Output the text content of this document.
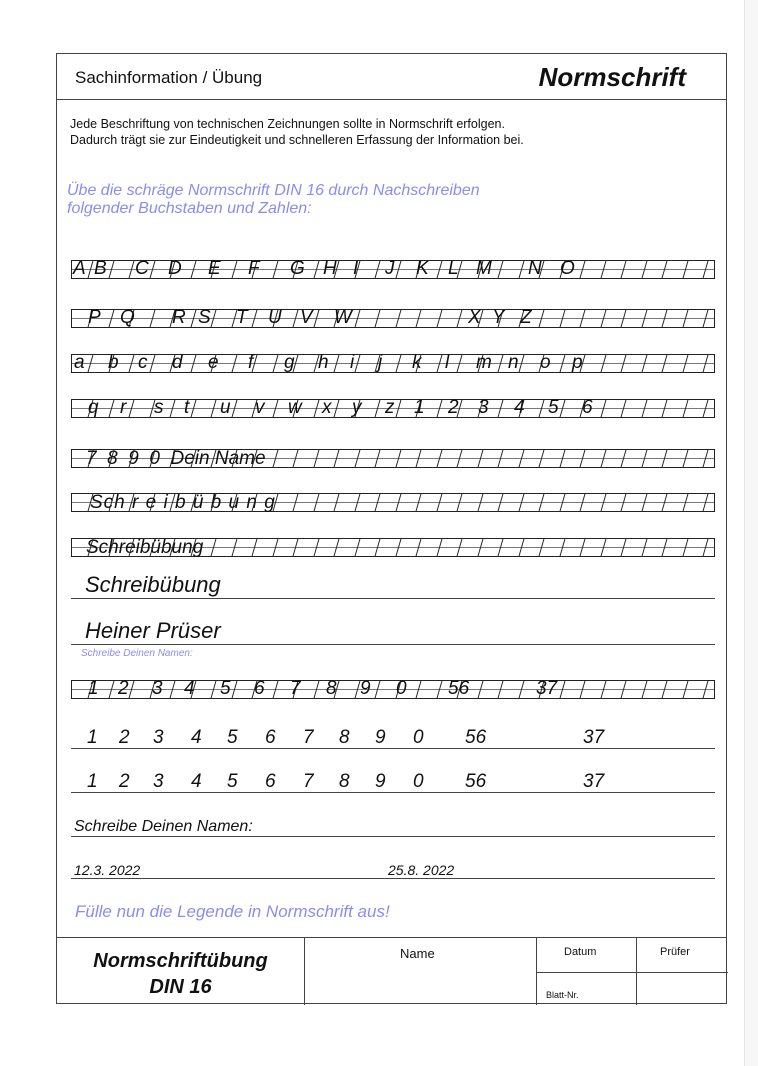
Sachinformation / Übung	Normschrift
Jede Beschriftung von technischen Zeichnungen sollte in Normschrift erfolgen.
Dadurch trägt sie zur Eindeutigkeit und schnelleren Erfassung der Information bei.
Übe die schräge Normschrift DIN 16 durch Nachschreiben
folgender Buchstaben und Zahlen:
A B C D E F G H I J K L M N O
P Q R S T U V W	X Y Z
a b c d e f g h i j k l m n o p
q r s t u v w x y z 1 2 3 4 5 6
7  8  9  0  Dein Name
Sch r e i b ü b u n g
Schreibübung
Schreibübung
Heiner Prüser
Schreibe Deinen Namen:
1 2 3 4 5 6 7 8 9 0 56	37
1 2 3 4 5 6 7 8 9 0 56	37
1 2 3 4 5 6 7 8 9 0 56	37
Schreibe Deinen Namen:
12.3. 2022	25.8. 2022
Fülle nun die Legende in Normschrift aus!
Normschriftübung
DIN 16
Name	Datum
Blatt-Nr.
Prüfer
